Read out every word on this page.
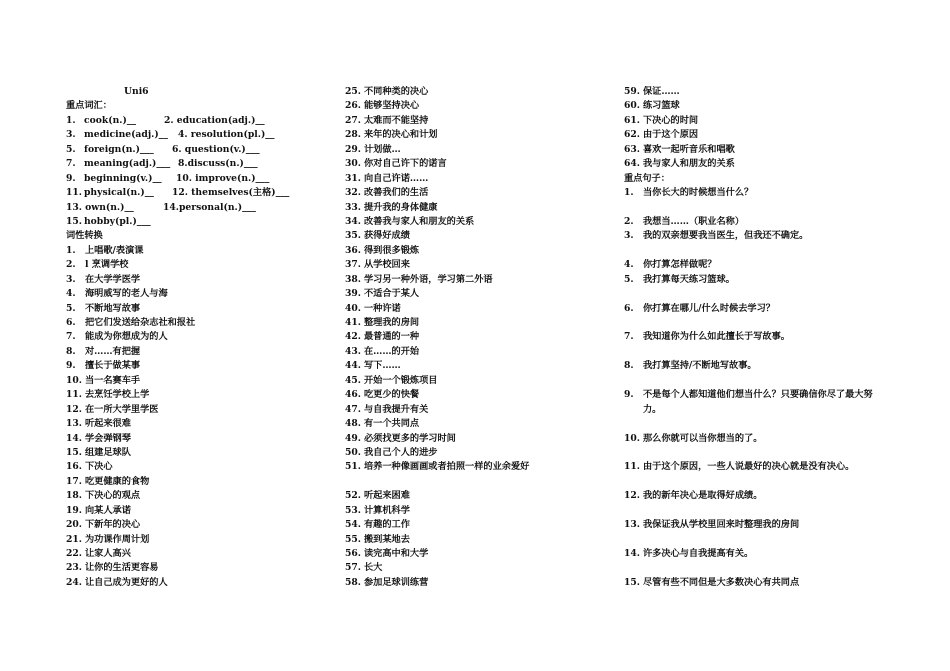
Uni6
重点词汇：
1. cook(n.)__	2. education(adj.)__
3. medicine(adj.)__ 4. resolution(pl.)__
5. foreign(n.)___ 6. question(v.)___
7. meaning(adj.)___ 8.discuss(n.)___
9. beginning(v.)__ 10. improve(n.)___
11. physical(n.)__ 12. themselves(主格)___
13. own(n.)__	14.personal(n.)___
15. hobby(pl.)___
词性转换
1. 上唱歌/表演课
2. l 烹调学校
3. 在大学学医学
4. 海明威写的老人与海
5. 不断地写故事
6. 把它们发送给杂志社和报社
7. 能成为你想成为的人
8. 对……有把握
9. 擅长于做某事
10. 当一名赛车手
11. 去烹饪学校上学
12. 在一所大学里学医
13. 听起来很难
14. 学会弹钢琴
15. 组建足球队
16. 下决心
17. 吃更健康的食物
18. 下决心的观点
19. 向某人承诺
20. 下新年的决心
21. 为功课作周计划
22. 让家人高兴
23. 让你的生活更容易
24. 让自己成为更好的人
25. 不同种类的决心
26. 能够坚持决心
27. 太难而不能坚持
28. 来年的决心和计划
29. 计划做…
30. 你对自己许下的诺言
31. 向自己许诺……
32. 改善我们的生活
33. 提升我的身体健康
34. 改善我与家人和朋友的关系
35. 获得好成绩
36. 得到很多锻炼
37. 从学校回来
38. 学习另一种外语，学习第二外语
39. 不适合于某人
40. 一种许诺
41. 整理我的房间
42. 最普通的一种
43. 在……的开始
44. 写下……
45. 开始一个锻炼项目
46. 吃更少的快餐
47. 与自我提升有关
48. 有一个共同点
49. 必须找更多的学习时间
50. 我自己个人的进步
51. 培养一种像画画或者拍照一样的业余爱好
52. 听起来困难
53. 计算机科学
54. 有趣的工作
55. 搬到某地去
56. 读完高中和大学
57. 长大
58. 参加足球训练营
59. 保证……
60. 练习篮球
61. 下决心的时间
62. 由于这个原因
63. 喜欢一起听音乐和唱歌
64. 我与家人和朋友的关系
重点句子：
1. 当你长大的时候想当什么？
2. 我想当……（职业名称）
3. 我的双亲想要我当医生，但我还不确定。
4. 你打算怎样做呢？
5. 我打算每天练习篮球。
6. 你打算在哪儿/什么时候去学习？
7. 我知道你为什么如此擅长于写故事。
8. 我打算坚持/不断地写故事。
9. 不是每个人都知道他们想当什么？只要确信你尽了最大努力。
10. 那么你就可以当你想当的了。
11. 由于这个原因，一些人说最好的决心就是没有决心。
12. 我的新年决心是取得好成绩。
13. 我保证我从学校里回来时整理我的房间
14. 许多决心与自我提高有关。
15. 尽管有些不同但是大多数决心有共同点
